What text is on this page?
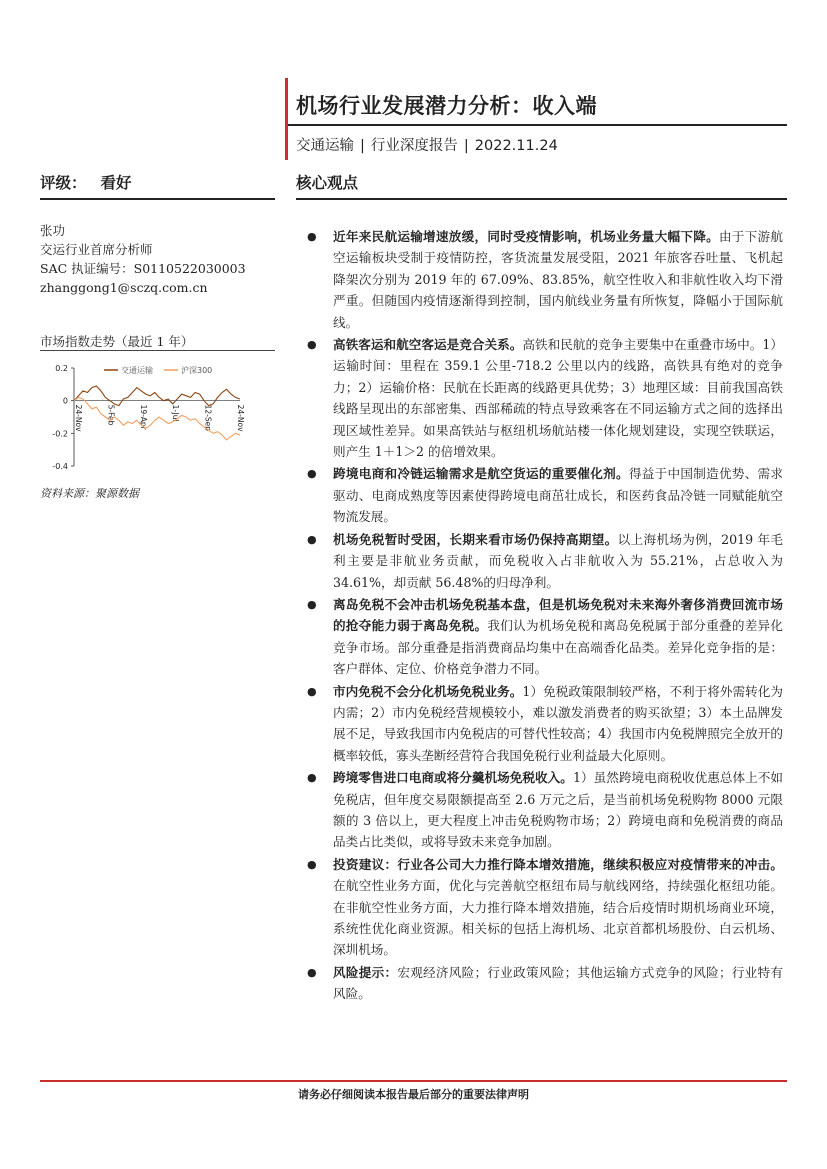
机场行业发展潜力分析：收入端
交通运输 | 行业深度报告 | 2022.11.24
评级： 看好	核心观点
张功
交运行业首席分析师
SAC 执证编号：S0110522030003
zhanggong1@sczq.com.cn
市场指数走势（最近 1 年）
0.2
0
-0.2
-0.4
24-Nov	5-Feb	19-Apr	1-Jul	12-Sep	24-Nov
交通运输	沪深300
资料来源：聚源数据
● 近年来民航运输增速放缓，同时受疫情影响，机场业务量大幅下降。由于下游航空运输板块受制于疫情防控，客货流量发展受阻，2021 年旅客吞吐量、飞机起降架次分别为 2019 年的 67.09%、83.85%，航空性收入和非航性收入均下滑严重。但随国内疫情逐渐得到控制，国内航线业务量有所恢复，降幅小于国际航线。
● 高铁客运和航空客运是竞合关系。高铁和民航的竞争主要集中在重叠市场中。1）运输时间：里程在 359.1 公里-718.2 公里以内的线路，高铁具有绝对的竞争力；2）运输价格：民航在长距离的线路更具优势；3）地理区域：目前我国高铁线路呈现出的东部密集、西部稀疏的特点导致乘客在不同运输方式之间的选择出现区域性差异。如果高铁站与枢纽机场航站楼一体化规划建设，实现空铁联运，则产生 1＋1＞2 的倍增效果。
● 跨境电商和冷链运输需求是航空货运的重要催化剂。得益于中国制造优势、需求驱动、电商成熟度等因素使得跨境电商茁壮成长，和医药食品冷链一同赋能航空物流发展。
● 机场免税暂时受困，长期来看市场仍保持高期望。以上海机场为例，2019 年毛利主要是非航业务贡献，而免税收入占非航收入为 55.21%，占总收入为 34.61%，却贡献 56.48%的归母净利。
● 离岛免税不会冲击机场免税基本盘，但是机场免税对未来海外奢侈消费回流市场的抢夺能力弱于离岛免税。我们认为机场免税和离岛免税属于部分重叠的差异化竞争市场。部分重叠是指消费商品均集中在高端香化品类。差异化竞争指的是：客户群体、定位、价格竞争潜力不同。
● 市内免税不会分化机场免税业务。1）免税政策限制较严格，不利于将外需转化为内需；2）市内免税经营规模较小，难以激发消费者的购买欲望；3）本土品牌发展不足，导致我国市内免税店的可替代性较高；4）我国市内免税牌照完全放开的概率较低，寡头垄断经营符合我国免税行业利益最大化原则。
● 跨境零售进口电商或将分羹机场免税收入。1）虽然跨境电商税收优惠总体上不如免税店，但年度交易限额提高至 2.6 万元之后，是当前机场免税购物 8000 元限额的 3 倍以上，更大程度上冲击免税购物市场；2）跨境电商和免税消费的商品品类占比类似，或将导致未来竞争加剧。
● 投资建议：行业各公司大力推行降本增效措施，继续积极应对疫情带来的冲击。在航空性业务方面，优化与完善航空枢纽布局与航线网络，持续强化枢纽功能。在非航空性业务方面，大力推行降本增效措施，结合后疫情时期机场商业环境，系统性优化商业资源。相关标的包括上海机场、北京首都机场股份、白云机场、深圳机场。
● 风险提示：宏观经济风险；行业政策风险；其他运输方式竞争的风险；行业特有风险。
请务必仔细阅读本报告最后部分的重要法律声明
